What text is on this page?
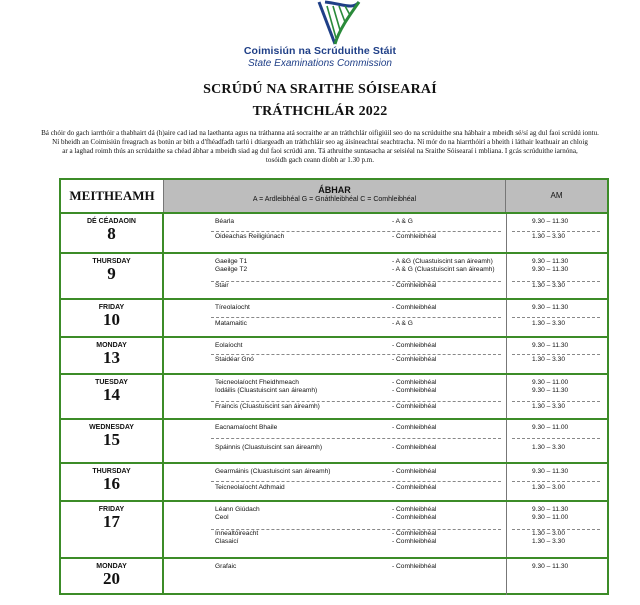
Coimisiún na Scrúduithe Stáit
State Examinations Commission
SCRÚDÚ NA SRAITHE SÓISEARAÍ
TRÁTHCHLÁR 2022
Bá chóir do gach iarrthóir a thabhairt dá (h)aire cad iad na laethanta agus na tráthanna atá socraithe ar an tráthchlár oifigiúil seo do na scrúduithe sna hábhair a mbeidh sé/sí ag dul faoi scrúdú iontu.
Ní bheidh an Coimisiún freagrach as botún ar bith a d'fhéadfadh tarlú i dtiargeadh an tráthchláir seo ag áisíneachtaí seachtracha. Ní mór do na hiarrthóirí a bheith i láthair leathuair an chloig
ar a laghad roimh thús an scrúdaithe sa chéad ábhar a mbeidh siad ag dul faoi scrúdú ann. Tá athruithe suntasacha ar seisiéal na Sraithe Sóisearaí i mbliana. I gcás scrúduithe iarnóna,
tosóidh gach ceann díobh ar 1.30 p.m.
MEITHEAMH	ÁBHAR
A = Ardleibhéal G = Gnáthleibhéal C = Comhleibhéal	AM
DÉ CÉADAOIN
8
Béarla	- A & G	9.30 – 11.30
Oideachas Reiligiúnach	- Comhleibhéal	1.30 – 3.30
THURSDAY
9
Gaeilge T1	- A &G (Cluastuiscint san áireamh)	9.30 – 11.30
Gaeilge T2	- A & G (Cluastuiscint san áireamh)	9.30 – 11.30
Stair	- Comhleibhéal	1.30 – 3.30
FRIDAY
10
Tíreolaíocht	- Comhleibhéal	9.30 – 11.30
Matamaitic	- A & G	1.30 – 3.30
MONDAY
13
Eolaíocht	- Comhleibhéal	9.30 – 11.30
Staidéar Gnó	- Comhleibhéal	1.30 – 3.30
TUESDAY
14
Teicneolaíocht Fheidhmeach	- Comhleibhéal	9.30 – 11.00
Iodáilis (Cluastuiscint san áireamh)	- Comhleibhéal	9.30 – 11.30
Fraincis (Cluastuiscint san áireamh)	- Comhleibhéal	1.30 – 3.30
WEDNESDAY
15
Eacnamaíocht Bhaile	- Comhleibhéal	9.30 – 11.00
Spáinnis (Cluastuiscint san áireamh)	- Comhleibhéal	1.30 – 3.30
THURSDAY
16
Gearmáinis (Cluastuiscint san áireamh)	- Comhleibhéal	9.30 – 11.30
Teicneolaíocht Adhmaid	- Comhleibhéal	1.30 – 3.00
FRIDAY
17
Léann Giúdach	- Comhleibhéal	9.30 – 11.30
Ceol	- Comhleibhéal	9.30 – 11.00
Innealtóireacht	- Comhleibhéal	1.30 – 3.00
Clasaicí	- Comhleibhéal	1.30 – 3.30
MONDAY
20
Grafaic	- Comhleibhéal	9.30 – 11.30
